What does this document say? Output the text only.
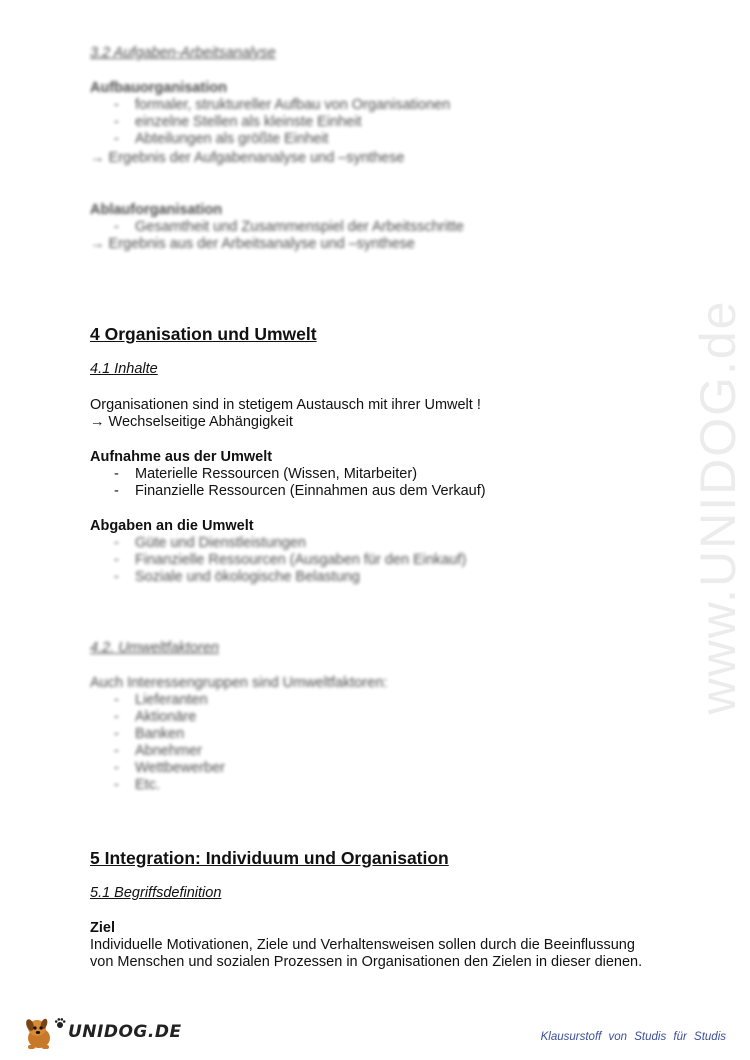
www.UNIDOG.de
3.2 Aufgaben-Arbeitsanalyse
Aufbauorganisation
- formaler, struktureller Aufbau von Organisationen
- einzelne Stellen als kleinste Einheit
- Abteilungen als größte Einheit
→ Ergebnis der Aufgabenanalyse und –synthese
Ablauforganisation
- Gesamtheit und Zusammenspiel der Arbeitsschritte
→ Ergebnis aus der Arbeitsanalyse und –synthese
4 Organisation und Umwelt
4.1 Inhalte
Organisationen sind in stetigem Austausch mit ihrer Umwelt !
→ Wechselseitige Abhängigkeit
Aufnahme aus der Umwelt
- Materielle Ressourcen (Wissen, Mitarbeiter)
- Finanzielle Ressourcen (Einnahmen aus dem Verkauf)
Abgaben an die Umwelt
- Güte und Dienstleistungen
- Finanzielle Ressourcen (Ausgaben für den Einkauf)
- Soziale und ökologische Belastung
4.2. Umweltfaktoren
Auch Interessengruppen sind Umweltfaktoren:
- Lieferanten
- Aktionäre
- Banken
- Abnehmer
- Wettbewerber
- Etc.
5 Integration: Individuum und Organisation
5.1 Begriffsdefinition
Ziel
Individuelle Motivationen, Ziele und Verhaltensweisen sollen durch die Beeinflussung
von Menschen und sozialen Prozessen in Organisationen den Zielen in dieser dienen.
UNIDOG.DE	Klausurstoff von Studis für Studis
